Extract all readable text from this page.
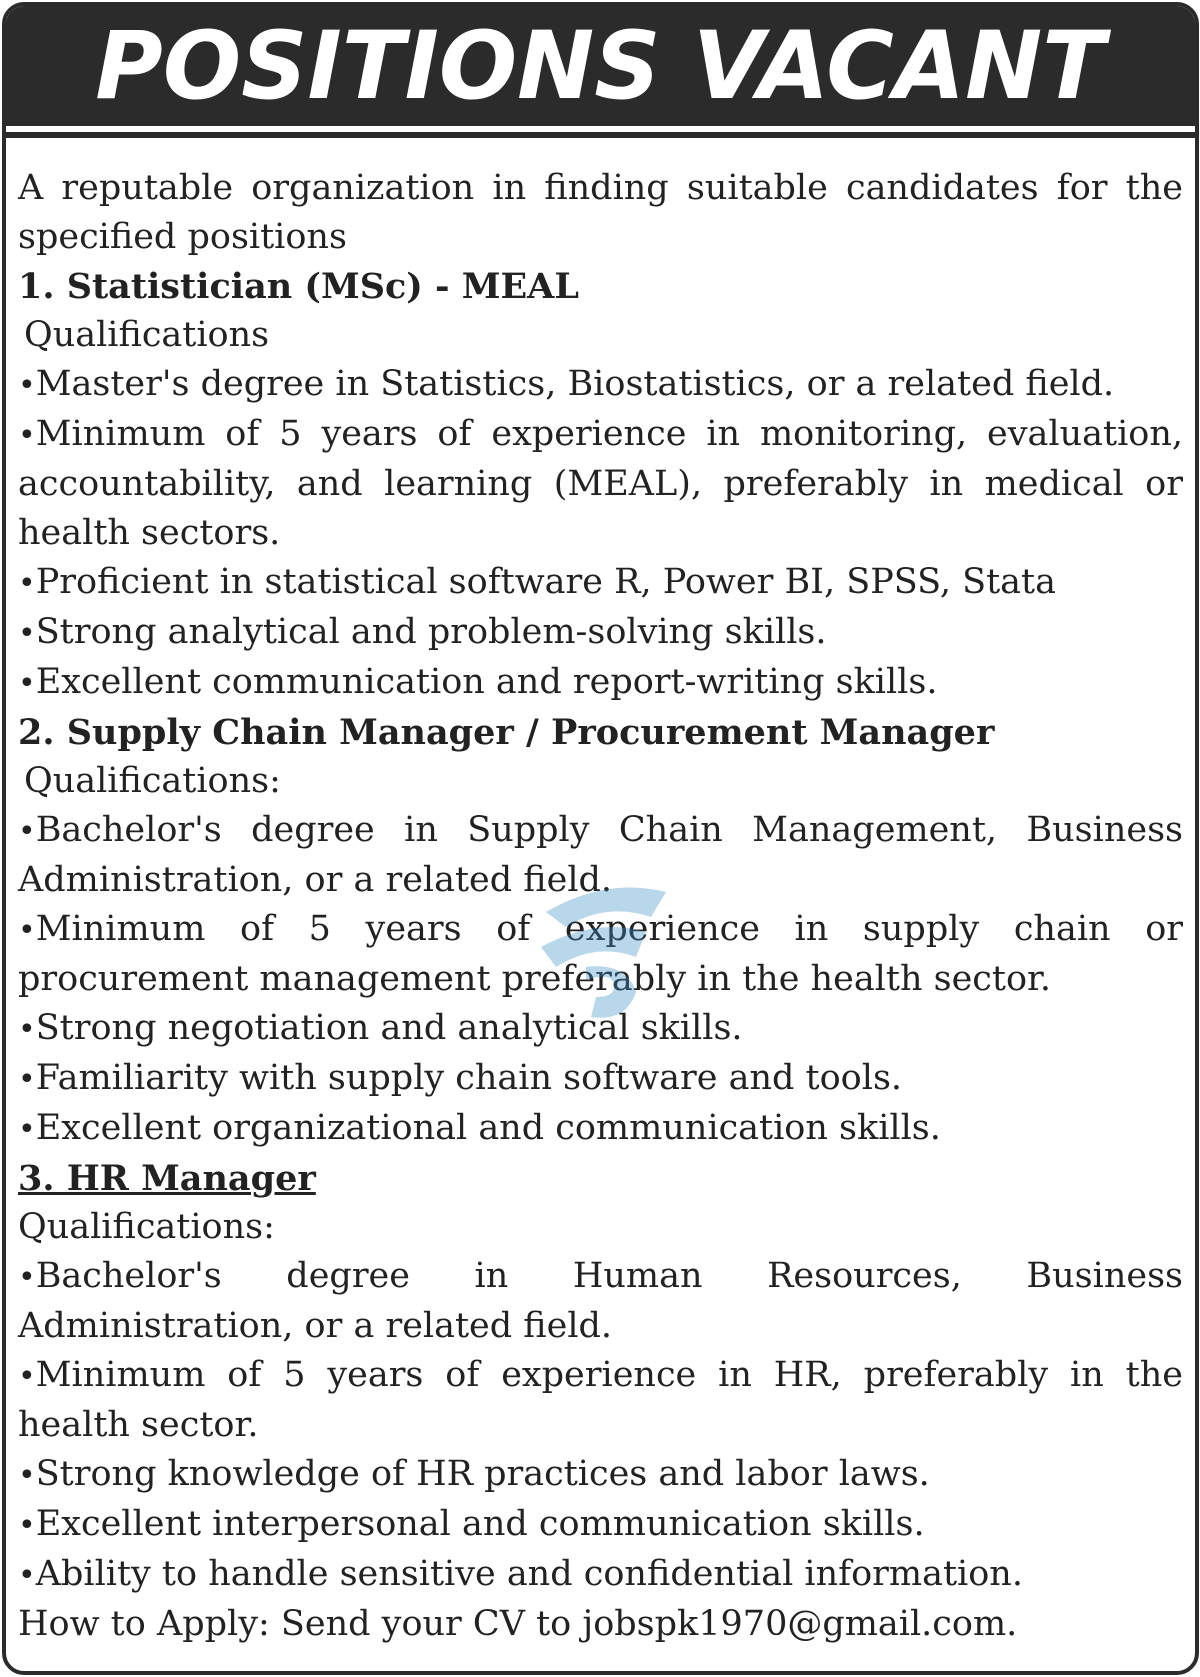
POSITIONS VACANT

A reputable organization in finding suitable candidates for the specified positions

1. Statistician (MSc) - MEAL

Qualifications

•Master's degree in Statistics, Biostatistics, or a related field.

•Minimum of 5 years of experience in monitoring, evaluation, accountability, and learning (MEAL), preferably in medical or health sectors.

•Proficient in statistical software R, Power BI, SPSS, Stata

•Strong analytical and problem-solving skills.

•Excellent communication and report-writing skills.

2. Supply Chain Manager / Procurement Manager

Qualifications:

•Bachelor's degree in Supply Chain Management, Business Administration, or a related field.

•Minimum of 5 years of experience in supply chain or procurement management preferably in the health sector.

•Strong negotiation and analytical skills.

•Familiarity with supply chain software and tools.

•Excellent organizational and communication skills.

3. HR Manager

Qualifications:

•Bachelor's degree in Human Resources, Business Administration, or a related field.

•Minimum of 5 years of experience in HR, preferably in the health sector.

•Strong knowledge of HR practices and labor laws.

•Excellent interpersonal and communication skills.

•Ability to handle sensitive and confidential information.

How to Apply: Send your CV to jobspk1970@gmail.com.
